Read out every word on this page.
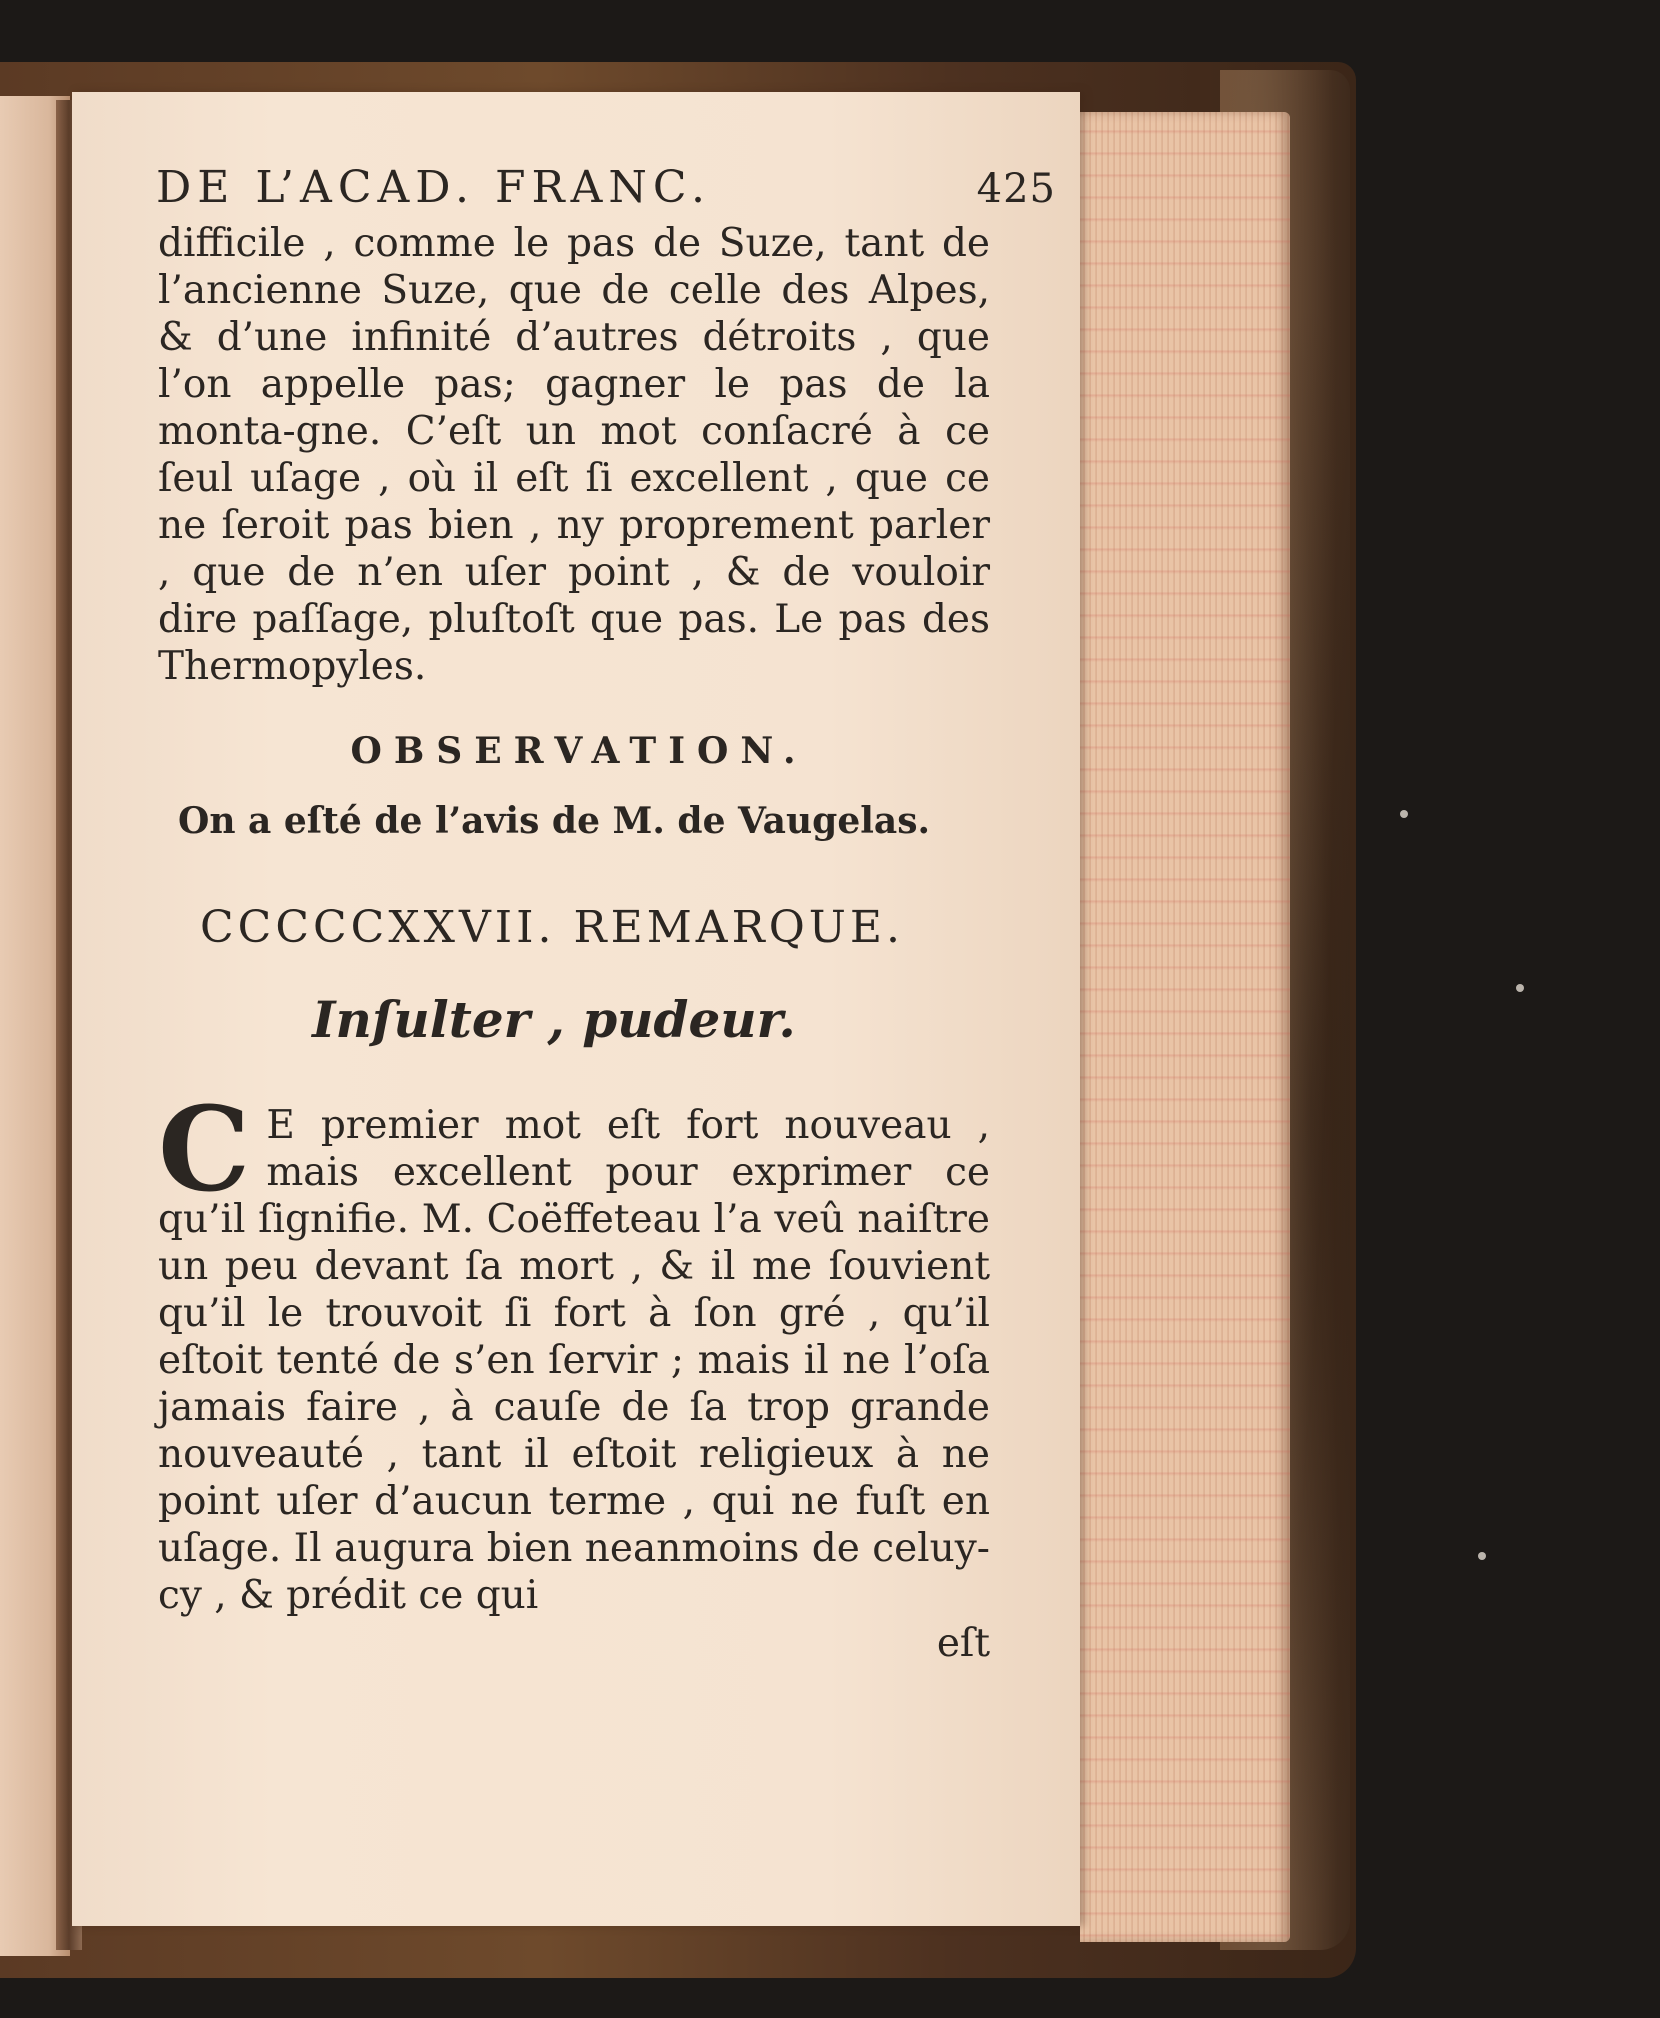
DE L’ACAD. FRANC.	425

difficile , comme le pas de Suze, tant de l’ancienne Suze, que de celle des Alpes, & d’une infinité d’autres détroits , que l’on appelle pas; gagner le pas de la monta-gne. C’eſt un mot conſacré à ce ſeul uſage , où il eſt ſi excellent , que ce ne ſeroit pas bien , ny proprement parler , que de n’en uſer point , & de vouloir dire paſſage, pluſtoſt que pas. Le pas des Thermopyles.

OBSERVATION.
On a eſté de l’avis de M. de Vaugelas.
CCCCCXXVII. REMARQUE.
Inſulter , pudeur.
C E premier mot eſt fort nouveau , mais excellent pour exprimer ce qu’il ſignifie. M. Coëffeteau l’a veû naiſtre un peu devant ſa mort , & il me ſouvient qu’il le trouvoit ſi fort à ſon gré , qu’il eſtoit tenté de s’en ſervir ; mais il ne l’oſa jamais faire , à cauſe de ſa trop grande nouveauté , tant il eſtoit religieux à ne point uſer d’aucun terme , qui ne fuſt en uſage. Il augura bien neanmoins de celuy-cy , & prédit ce qui

eſt
